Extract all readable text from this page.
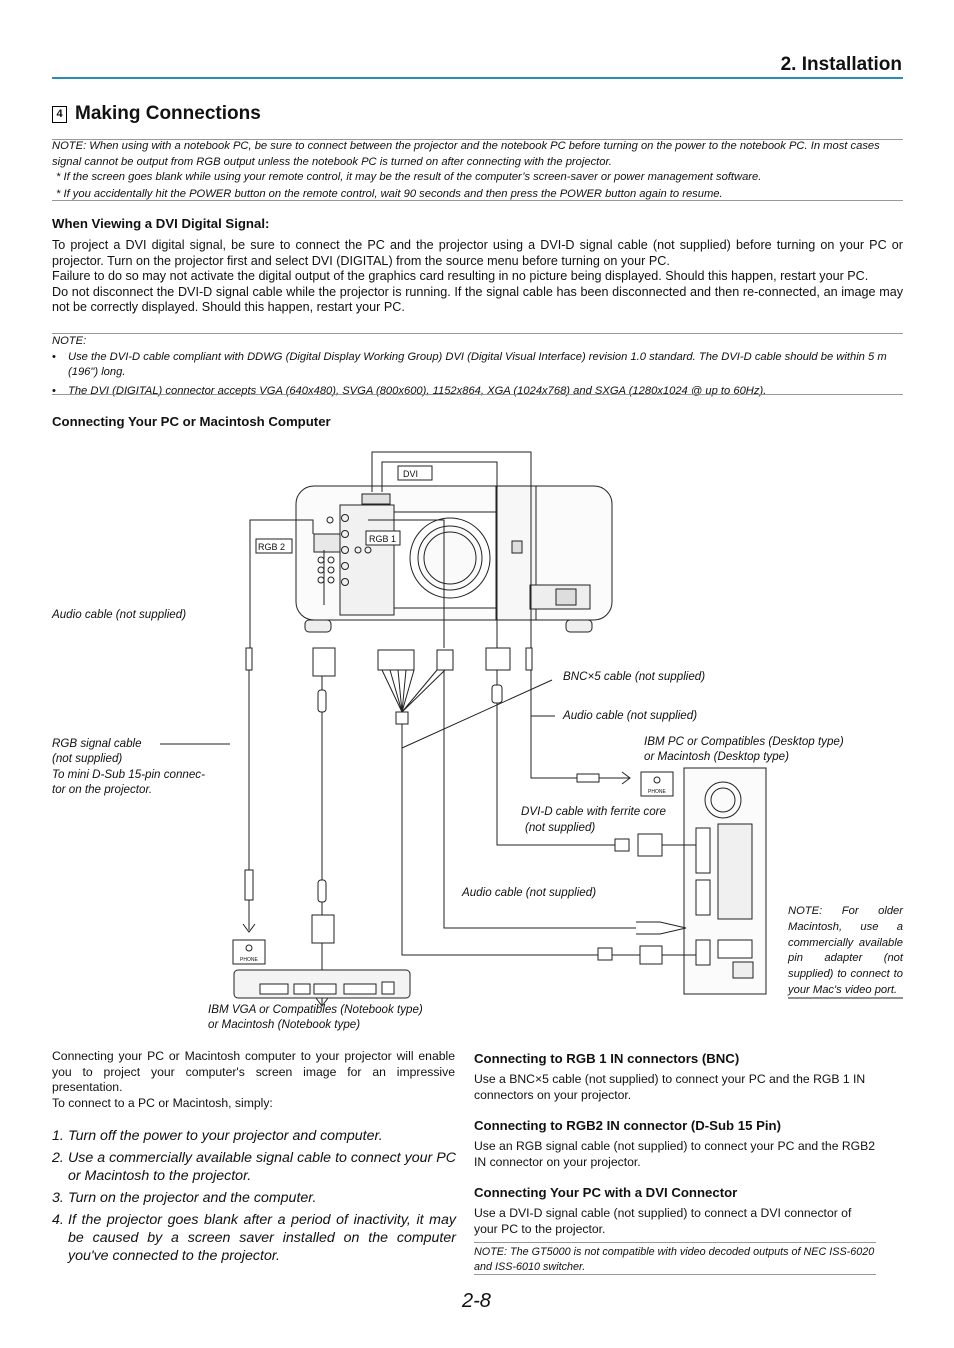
2. Installation
4 Making Connections
NOTE: When using with a notebook PC, be sure to connect between the projector and the notebook PC before turning on the power to the notebook PC. In most cases signal cannot be output from RGB output unless the notebook PC is turned on after connecting with the projector.
* If the screen goes blank while using your remote control, it may be the result of the computer’s screen-saver or power management software.
* If you accidentally hit the POWER button on the remote control, wait 90 seconds and then press the POWER button again to resume.
When Viewing a DVI Digital Signal:
To project a DVI digital signal, be sure to connect the PC and the projector using a DVI-D signal cable (not supplied) before turning on your PC or projector. Turn on the projector first and select DVI (DIGITAL) from the source menu before turning on your PC.
Failure to do so may not activate the digital output of the graphics card resulting in no picture being displayed. Should this happen, restart your PC.
Do not disconnect the DVI-D signal cable while the projector is running. If the signal cable has been disconnected and then re-connected, an image may not be correctly displayed. Should this happen, restart your PC.
NOTE:
• Use the DVI-D cable compliant with DDWG (Digital Display Working Group) DVI (Digital Visual Interface) revision 1.0 standard. The DVI-D cable should be within 5 m (196") long.
• The DVI (DIGITAL) connector accepts VGA (640x480), SVGA (800x600), 1152x864, XGA (1024x768) and SXGA (1280x1024 @ up to 60Hz).
Connecting Your PC or Macintosh Computer
DVI
RGB 1
RGB 2
PHONE
PHONE
Audio cable (not supplied)
BNC×5 cable (not supplied)
Audio cable (not supplied)
IBM PC or Compatibles (Desktop type)
or Macintosh (Desktop type)
RGB signal cable
(not supplied)
To mini D-Sub 15-pin connec-
tor on the projector.
DVI-D cable with ferrite core
(not supplied)
Audio cable (not supplied)
IBM VGA or Compatibles (Notebook type)
or Macintosh (Notebook type)
NOTE: For older Macintosh, use a commercially available pin adapter (not supplied) to connect to your Mac's video port.
Connecting your PC or Macintosh computer to your projector will enable you to project your computer's screen image for an impressive presentation.
To connect to a PC or Macintosh, simply:
1. Turn off the power to your projector and computer.
2. Use a commercially available signal cable to connect your PC or Macintosh to the projector.
3. Turn on the projector and the computer.
4. If the projector goes blank after a period of inactivity, it may be caused by a screen saver installed on the computer you've connected to the projector.
Connecting to RGB 1 IN connectors (BNC)
Use a BNC×5 cable (not supplied) to connect your PC and the RGB 1 IN connectors on your projector.
Connecting to RGB2 IN connector (D-Sub 15 Pin)
Use an RGB signal cable (not supplied) to connect your PC and the RGB2 IN connector on your projector.
Connecting Your PC with a DVI Connector
Use a DVI-D signal cable (not supplied) to connect a DVI connector of your PC to the projector.
NOTE: The GT5000 is not compatible with video decoded outputs of NEC ISS-6020 and ISS-6010 switcher.
2-8
